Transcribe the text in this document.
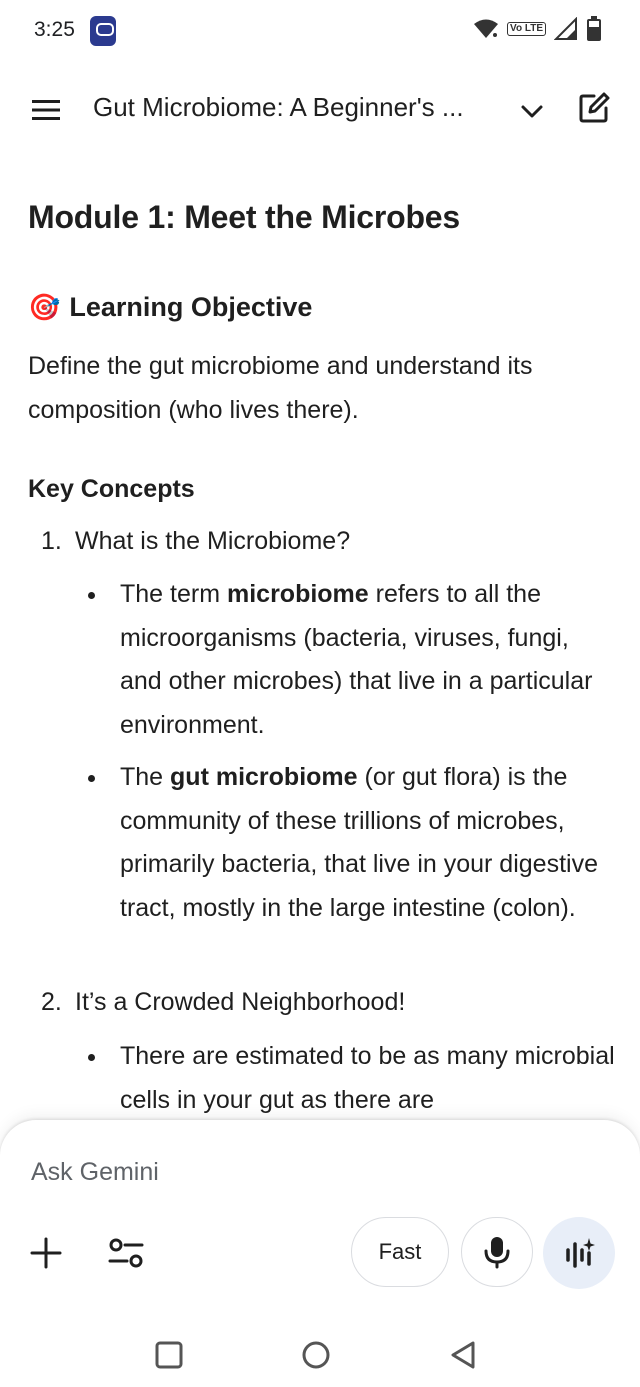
3:25	Vo LTE
Gut Microbiome: A Beginner's ...
Module 1: Meet the Microbes
🎯 Learning Objective
Define the gut microbiome and understand its composition (who lives there).
Key Concepts
1. What is the Microbiome?
The term microbiome refers to all the microorganisms (bacteria, viruses, fungi, and other microbes) that live in a particular environment.
The gut microbiome (or gut flora) is the community of these trillions of microbes, primarily bacteria, that live in your digestive tract, mostly in the large intestine (colon).
2. It’s a Crowded Neighborhood!
There are estimated to be as many microbial cells in your gut as there are
Ask Gemini
Fast
